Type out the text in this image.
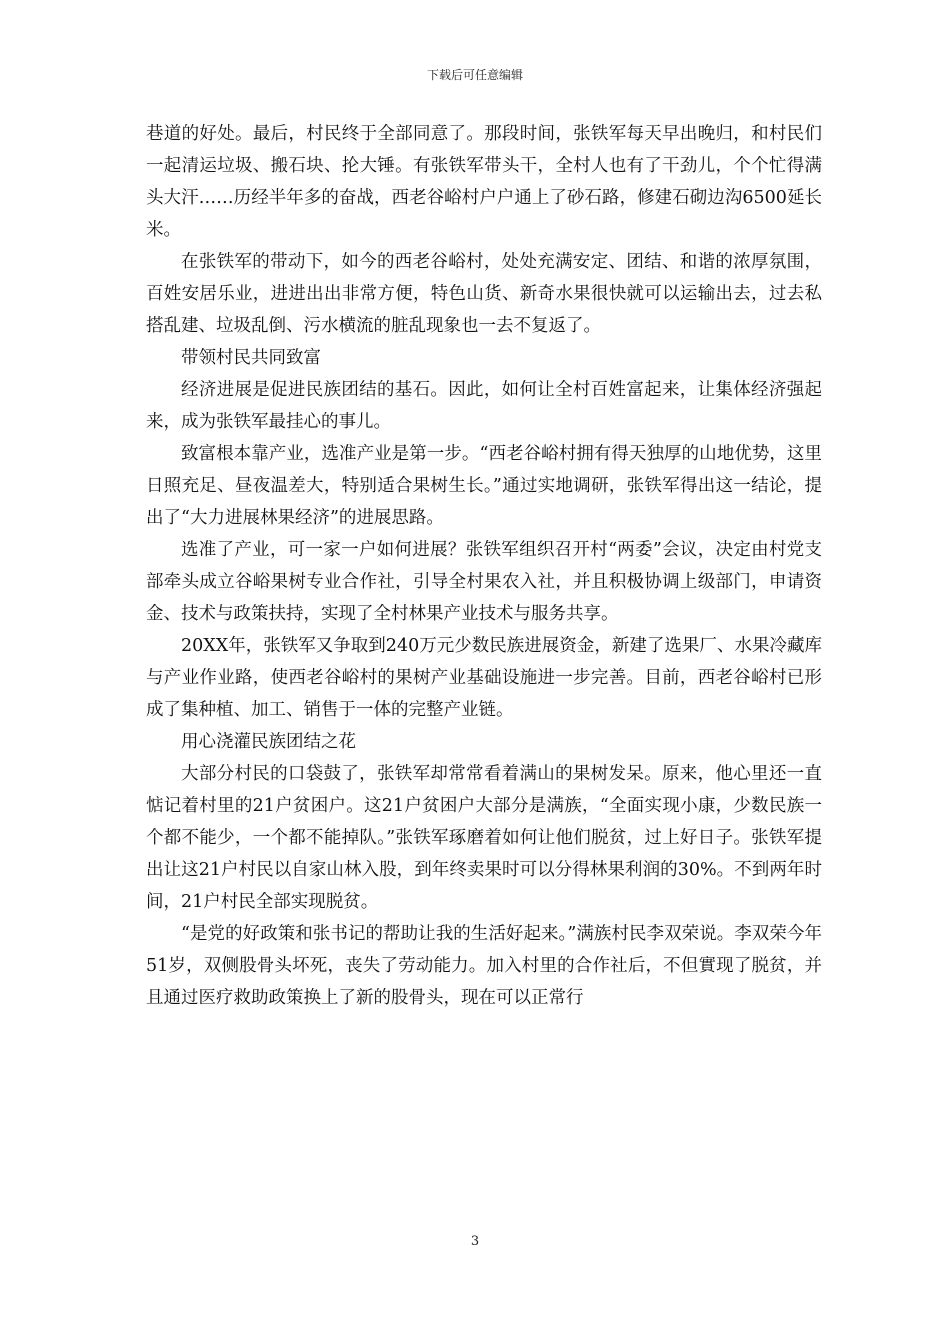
下载后可任意编辑

巷道的好处。最后，村民终于全部同意了。那段时间，张铁军每天早出晚归，和村民们一起清运垃圾、搬石块、抡大锤。有张铁军带头干，全村人也有了干劲儿，个个忙得满头大汗……历经半年多的奋战，西老谷峪村户户通上了砂石路，修建石砌边沟6500延长米。

在张铁军的带动下，如今的西老谷峪村，处处充满安定、团结、和谐的浓厚氛围，百姓安居乐业，进进出出非常方便，特色山货、新奇水果很快就可以运输出去，过去私搭乱建、垃圾乱倒、污水横流的脏乱现象也一去不复返了。

带领村民共同致富

经济进展是促进民族团结的基石。因此，如何让全村百姓富起来，让集体经济强起来，成为张铁军最挂心的事儿。

致富根本靠产业，选准产业是第一步。“西老谷峪村拥有得天独厚的山地优势，这里日照充足、昼夜温差大，特别适合果树生长。”通过实地调研，张铁军得出这一结论，提出了“大力进展林果经济”的进展思路。

选准了产业，可一家一户如何进展？张铁军组织召开村“两委”会议，决定由村党支部牵头成立谷峪果树专业合作社，引导全村果农入社，并且积极协调上级部门，申请资金、技术与政策扶持，实现了全村林果产业技术与服务共享。

20XX年，张铁军又争取到240万元少数民族进展资金，新建了选果厂、水果冷藏库与产业作业路，使西老谷峪村的果树产业基础设施进一步完善。目前，西老谷峪村已形成了集种植、加工、销售于一体的完整产业链。

用心浇灌民族团结之花

大部分村民的口袋鼓了，张铁军却常常看着满山的果树发呆。原来，他心里还一直惦记着村里的21户贫困户。这21户贫困户大部分是满族，“全面实现小康，少数民族一个都不能少，一个都不能掉队。”张铁军琢磨着如何让他们脱贫，过上好日子。张铁军提出让这21户村民以自家山林入股，到年终卖果时可以分得林果利润的30%。不到两年时间，21户村民全部实现脱贫。

“是党的好政策和张书记的帮助让我的生活好起来。”满族村民李双荣说。李双荣今年51岁，双侧股骨头坏死，丧失了劳动能力。加入村里的合作社后，不但實现了脱贫，并且通过医疗救助政策换上了新的股骨头，现在可以正常行

3
